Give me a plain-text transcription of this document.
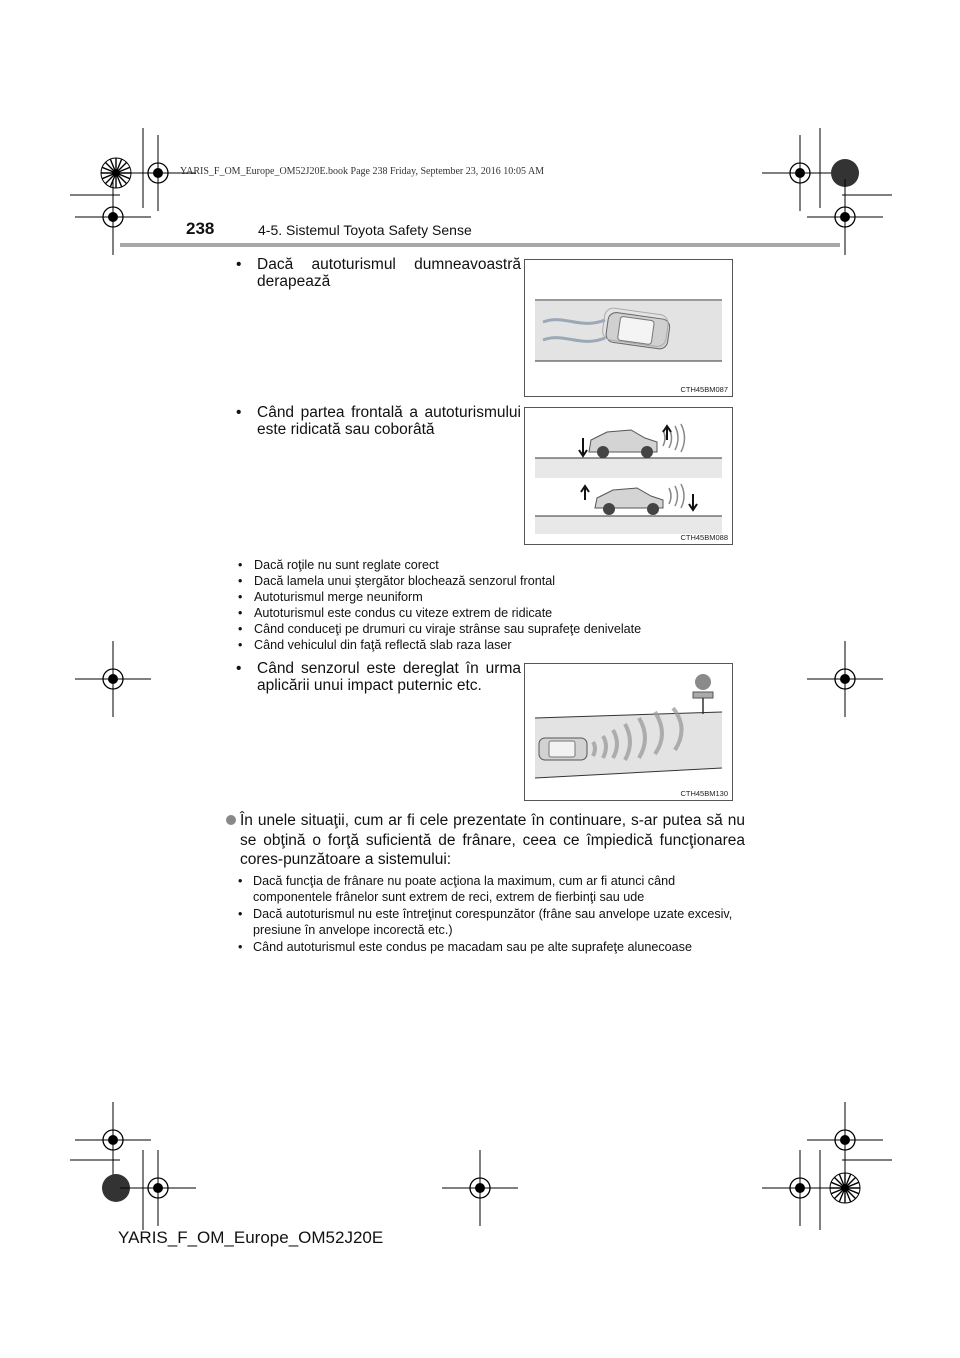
YARIS_F_OM_Europe_OM52J20E.book Page 238 Friday, September 23, 2016 10:05 AM
238	4-5. Sistemul Toyota Safety Sense
• Dacă autoturismul dumneavoastră derapează
CTH45BM087
• Când partea frontală a autoturismului este ridicată sau coborâtă
CTH45BM088
• Dacă roţile nu sunt reglate corect
• Dacă lamela unui ştergător blochează senzorul frontal
• Autoturismul merge neuniform
• Autoturismul este condus cu viteze extrem de ridicate
• Când conduceţi pe drumuri cu viraje strânse sau suprafeţe denivelate
• Când vehiculul din faţă reflectă slab raza laser
• Când senzorul este dereglat în urma aplicării unui impact puternic etc.
CTH45BM130
În unele situaţii, cum ar fi cele prezentate în continuare, s-ar putea să nu se obţină o forţă suficientă de frânare, ceea ce împiedică funcţionarea cores-punzătoare a sistemului:
• Dacă funcţia de frânare nu poate acţiona la maximum, cum ar fi atunci când componentele frânelor sunt extrem de reci, extrem de fierbinţi sau ude
• Dacă autoturismul nu este întreţinut corespunzător (frâne sau anvelope uzate excesiv, presiune în anvelope incorectă etc.)
• Când autoturismul este condus pe macadam sau pe alte suprafeţe alunecoase
YARIS_F_OM_Europe_OM52J20E
